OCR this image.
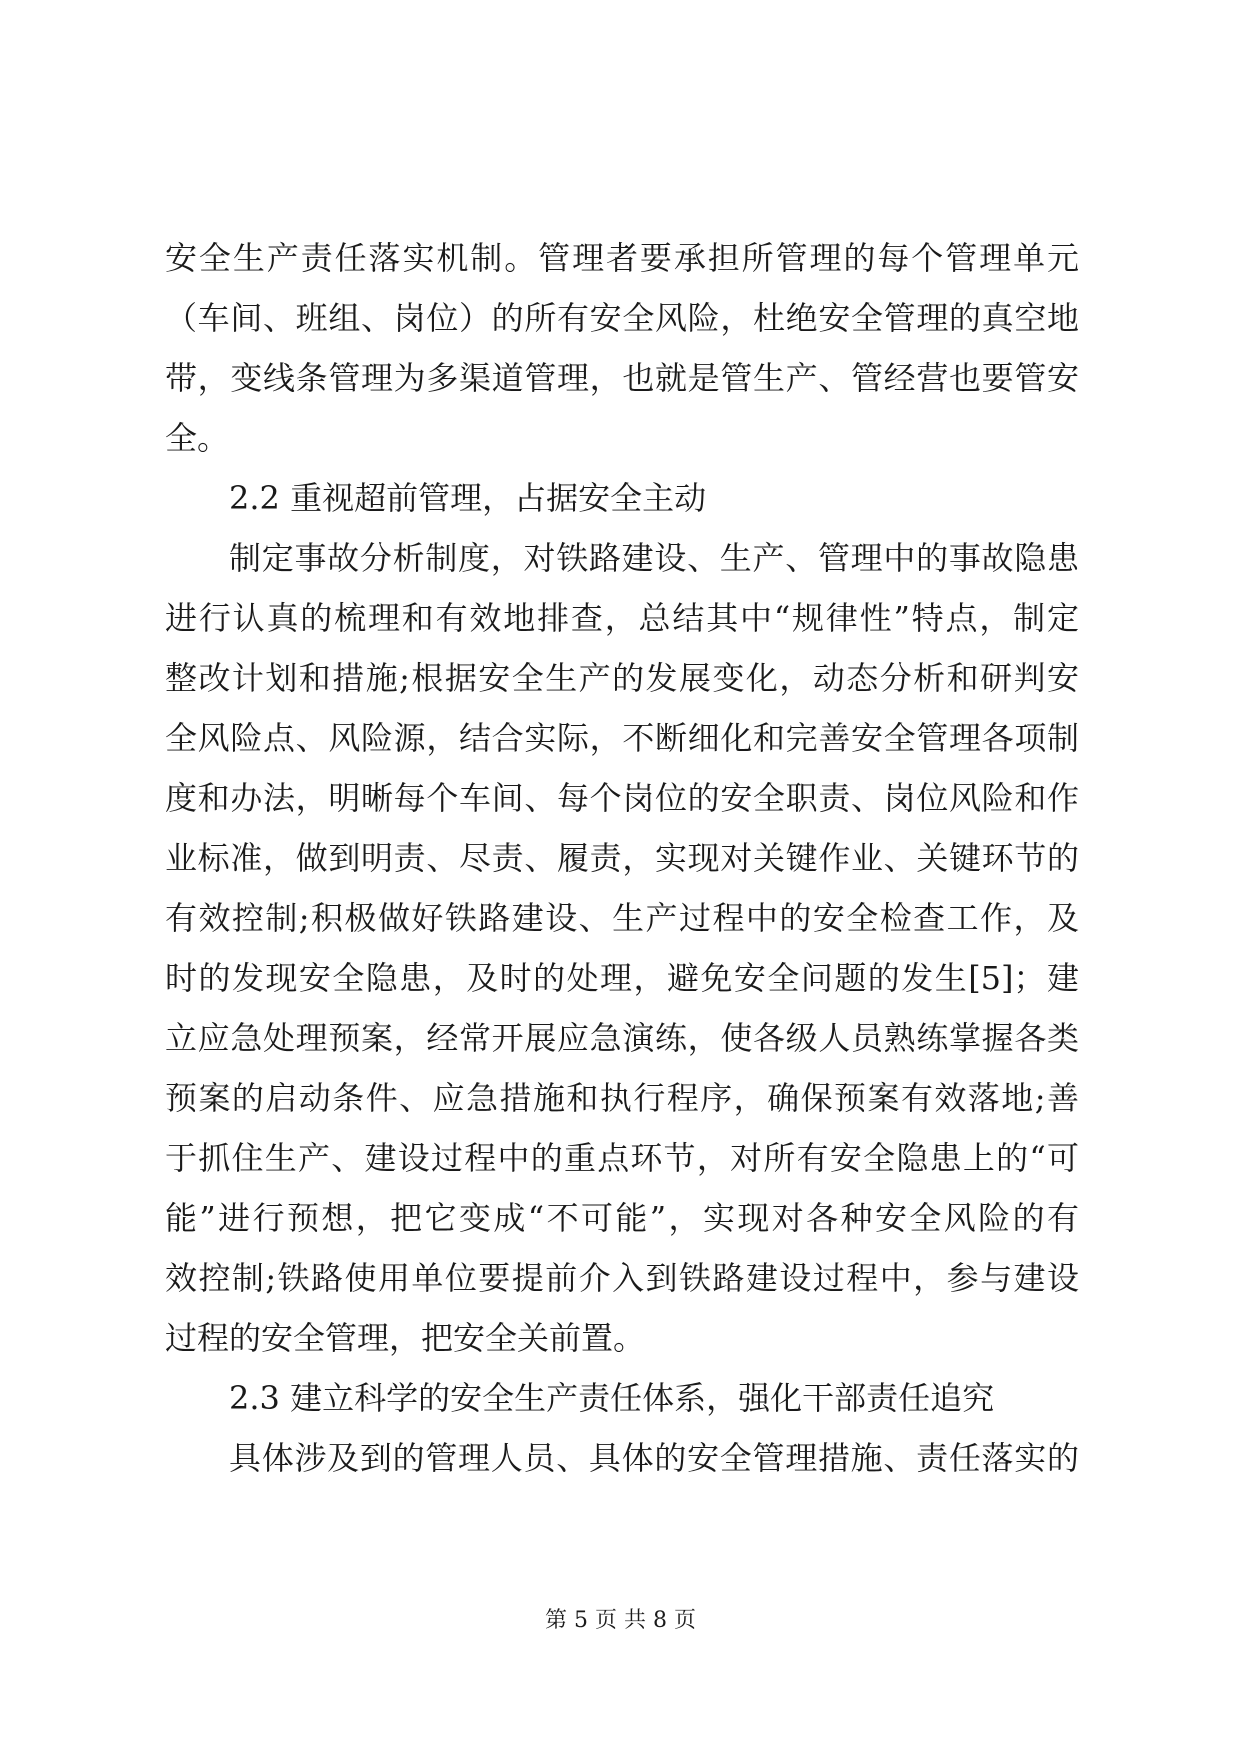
安全生产责任落实机制。管理者要承担所管理的每个管理单元
（车间、班组、岗位）的所有安全风险，杜绝安全管理的真空地
带，变线条管理为多渠道管理，也就是管生产、管经营也要管安
全。
2.2 重视超前管理，占据安全主动
制定事故分析制度，对铁路建设、生产、管理中的事故隐患
进行认真的梳理和有效地排查，总结其中“规律性”特点，制定
整改计划和措施;根据安全生产的发展变化，动态分析和研判安
全风险点、风险源，结合实际，不断细化和完善安全管理各项制
度和办法，明晰每个车间、每个岗位的安全职责、岗位风险和作
业标准，做到明责、尽责、履责，实现对关键作业、关键环节的
有效控制;积极做好铁路建设、生产过程中的安全检查工作，及
时的发现安全隐患，及时的处理，避免安全问题的发生[5]；建
立应急处理预案，经常开展应急演练，使各级人员熟练掌握各类
预案的启动条件、应急措施和执行程序，确保预案有效落地;善
于抓住生产、建设过程中的重点环节，对所有安全隐患上的“可
能”进行预想，把它变成“不可能”，实现对各种安全风险的有
效控制;铁路使用单位要提前介入到铁路建设过程中，参与建设
过程的安全管理，把安全关前置。
2.3 建立科学的安全生产责任体系，强化干部责任追究
具体涉及到的管理人员、具体的安全管理措施、责任落实的
第 5 页 共 8 页
